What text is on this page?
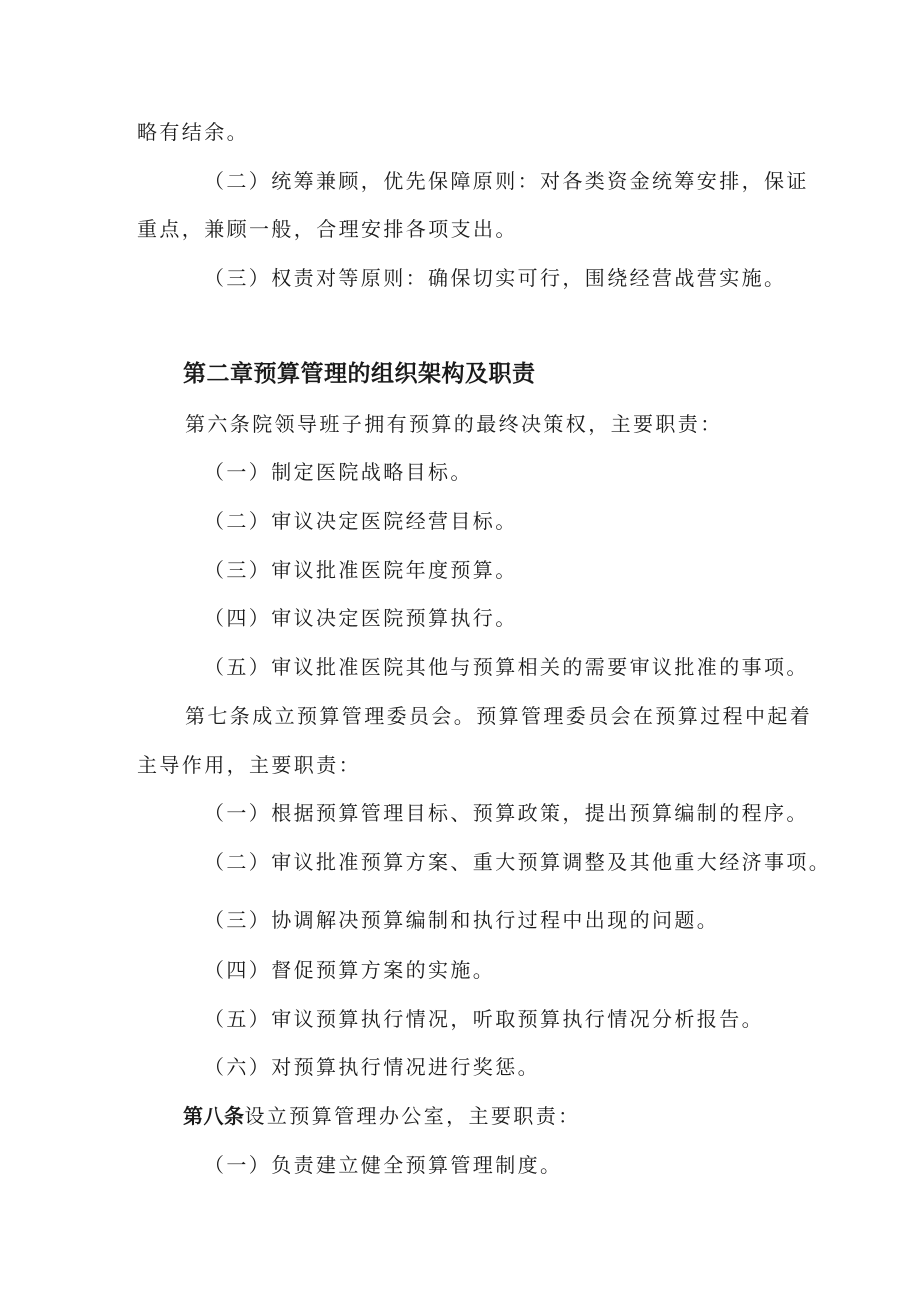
略有结余。
（二）统筹兼顾，优先保障原则：对各类资金统筹安排，保证
重点，兼顾一般，合理安排各项支出。
（三）权责对等原则：确保切实可行，围绕经营战营实施。
第二章预算管理的组织架构及职责
第六条院领导班子拥有预算的最终决策权，主要职责：
（一）制定医院战略目标。
（二）审议决定医院经营目标。
（三）审议批准医院年度预算。
（四）审议决定医院预算执行。
（五）审议批准医院其他与预算相关的需要审议批准的事项。
第七条成立预算管理委员会。预算管理委员会在预算过程中起着
主导作用，主要职责：
（一）根据预算管理目标、预算政策，提出预算编制的程序。
（二）审议批准预算方案、重大预算调整及其他重大经济事项。
（三）协调解决预算编制和执行过程中出现的问题。
（四）督促预算方案的实施。
（五）审议预算执行情况，听取预算执行情况分析报告。
（六）对预算执行情况进行奖惩。
第八条设立预算管理办公室，主要职责：
（一）负责建立健全预算管理制度。
